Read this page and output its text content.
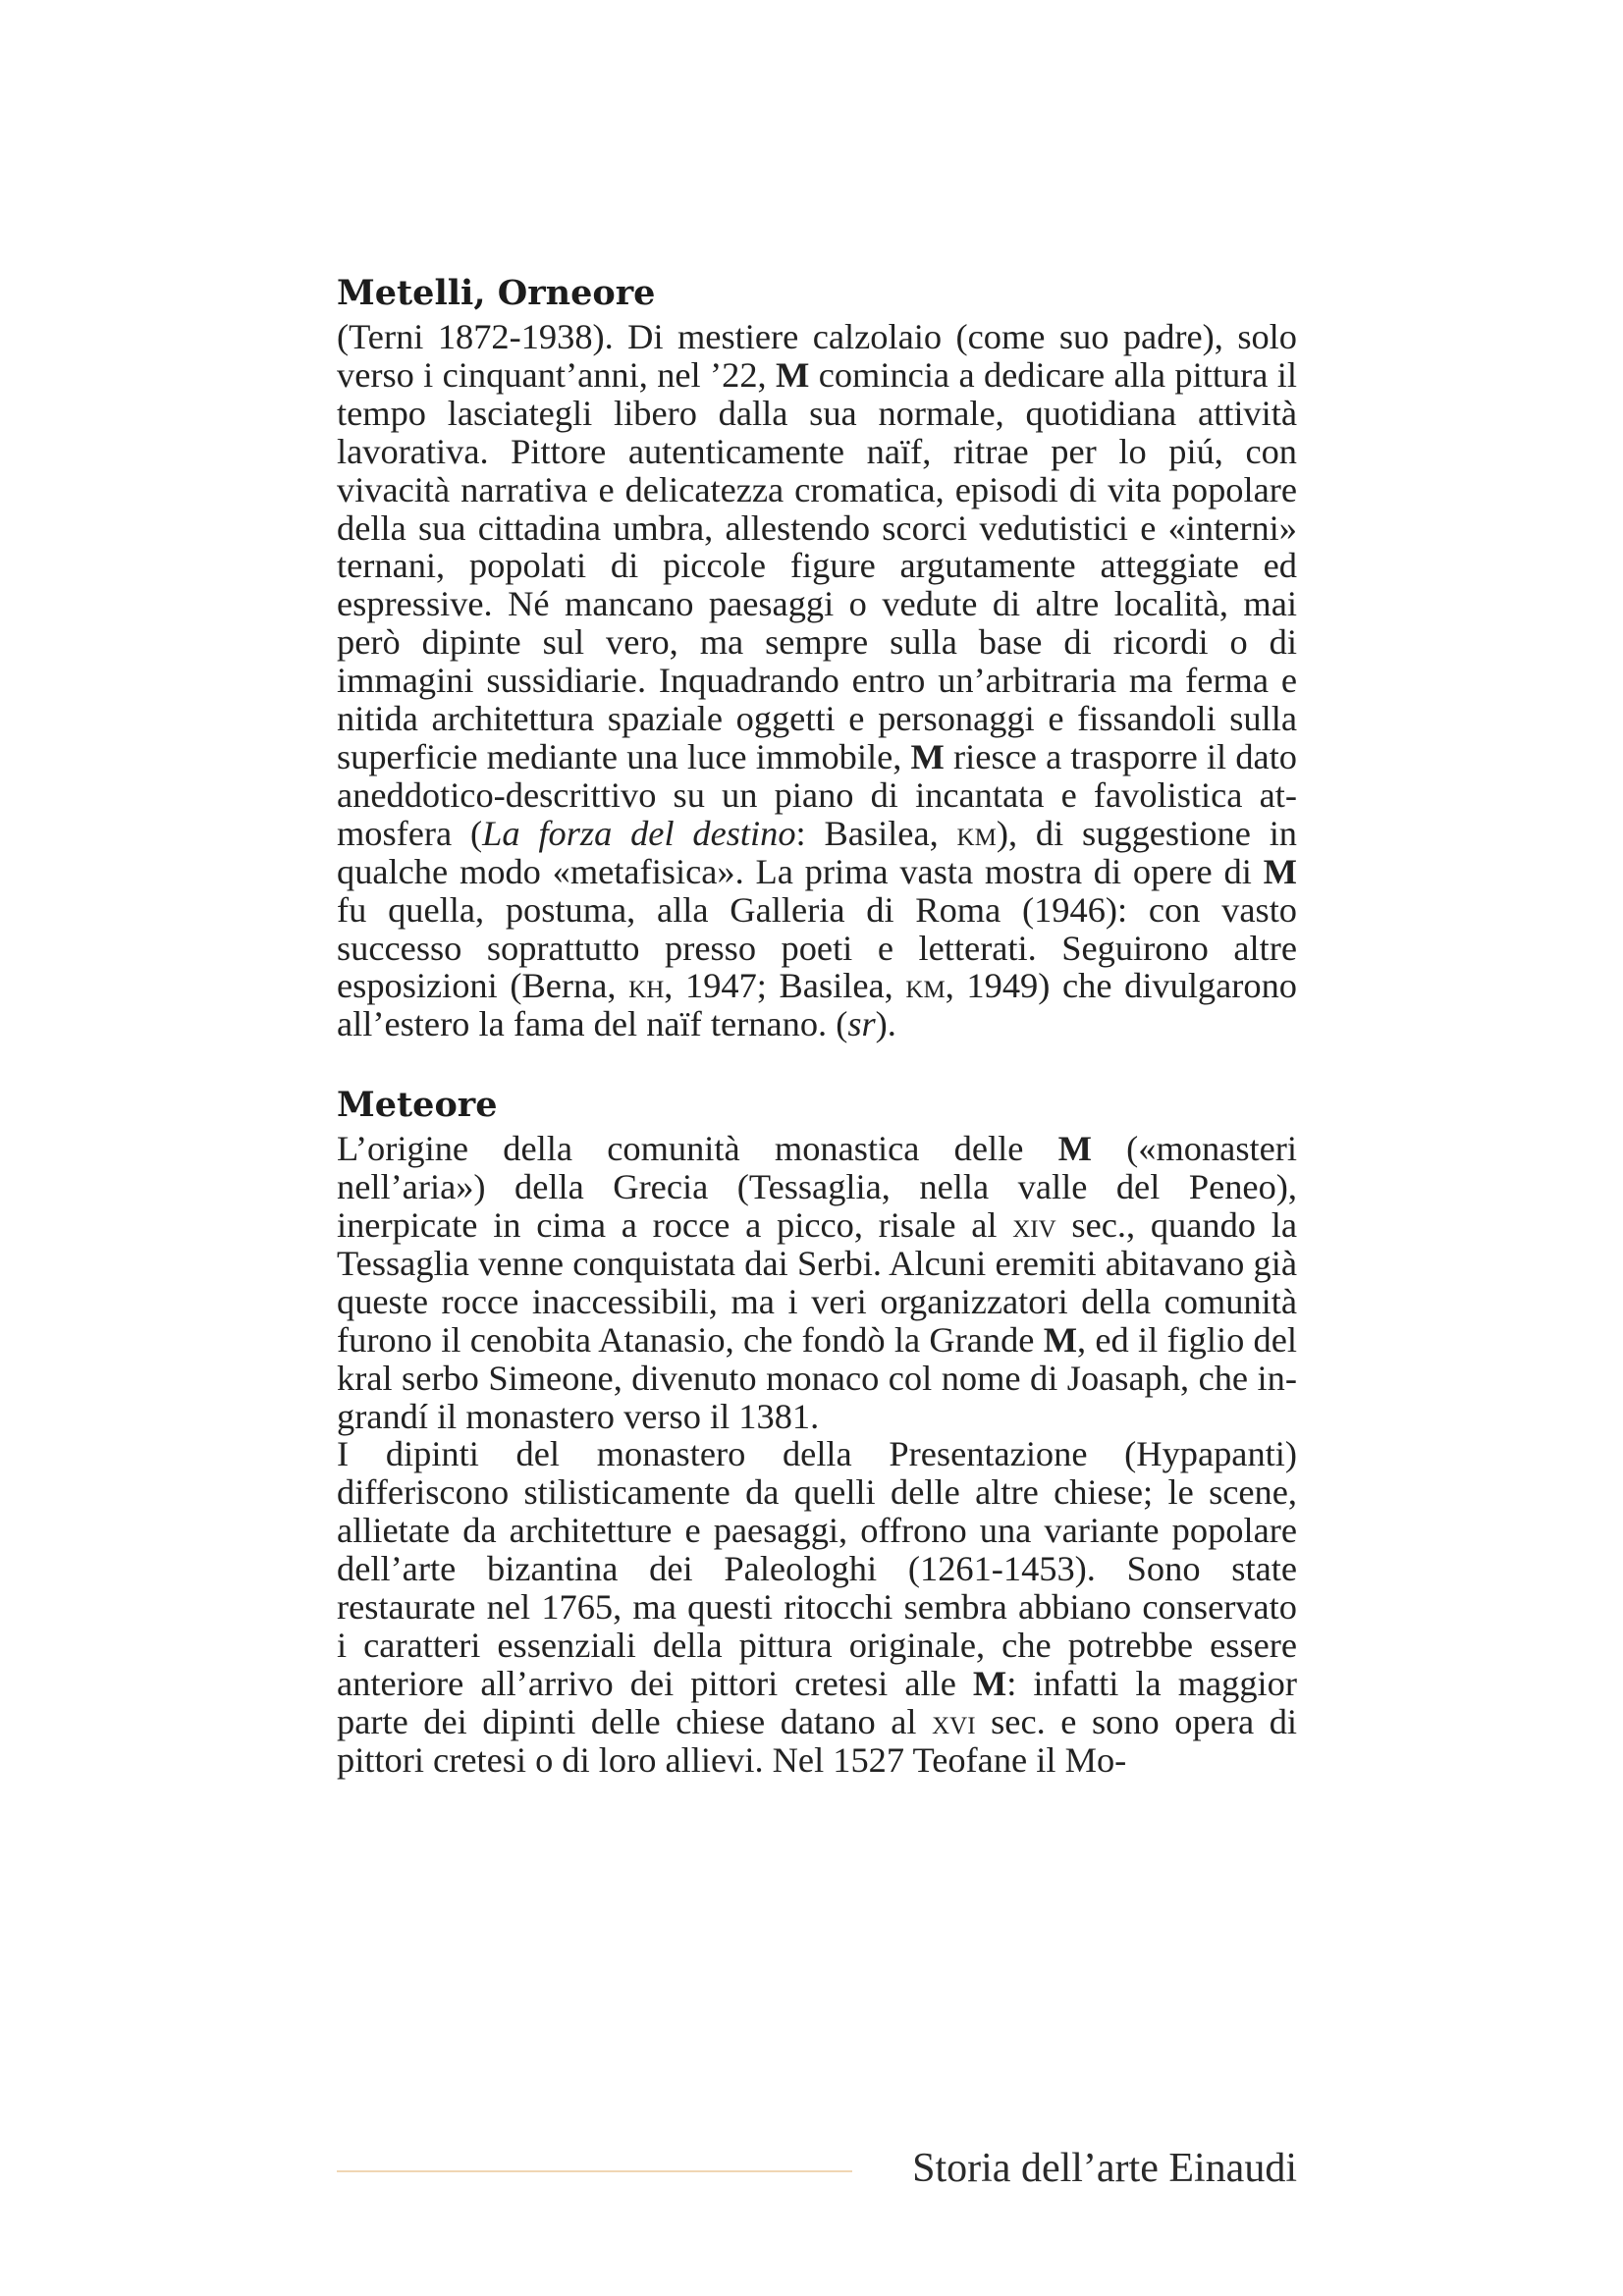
Metelli, Orneore

(Terni 1872-1938). Di mestiere calzolaio (come suo padre), solo verso i cinquant’anni, nel ’22, M comincia a dedicare alla pittura il tempo lasciategli libero dalla sua normale, quotidiana attività lavorativa. Pittore autenticamente naïf, ritrae per lo piú, con vivacità narrativa e delicatezza cromatica, episodi di vita popolare della sua cittadina umbra, allestendo scorci vedutistici e «interni» ternani, popolati di piccole figure argutamente atteggiate ed espressive. Né mancano paesaggi o vedute di altre località, mai però dipinte sul vero, ma sempre sulla base di ricordi o di immagini sussidiarie. Inquadrando entro un’arbitraria ma ferma e nitida architettura spaziale oggetti e personaggi e fissandoli sulla superficie mediante una luce immobile, M riesce a trasporre il dato aneddotico-descrittivo su un piano di incantata e favolistica atmosfera (La forza del destino: Basilea, km), di suggestione in qualche modo «metafisica». La prima vasta mostra di opere di M fu quella, postuma, alla Galleria di Roma (1946): con vasto successo soprattutto presso poeti e letterati. Seguirono altre esposizioni (Berna, kh, 1947; Basilea, km, 1949) che divulgarono all’estero la fama del naïf ternano. (sr).

Meteore

L’origine della comunità monastica delle M («monasteri nell’aria») della Grecia (Tessaglia, nella valle del Peneo), inerpicate in cima a rocce a picco, risale al xiv sec., quando la Tessaglia venne conquistata dai Serbi. Alcuni eremiti abitavano già queste rocce inaccessibili, ma i veri organizzatori della comunità furono il cenobita Atanasio, che fondò la Grande M, ed il figlio del kral serbo Simeone, divenuto monaco col nome di Joasaph, che ingrandí il monastero verso il 1381.

I dipinti del monastero della Presentazione (Hypapanti) differiscono stilisticamente da quelli delle altre chiese; le scene, allietate da architetture e paesaggi, offrono una variante popolare dell’arte bizantina dei Paleologhi (1261-1453). Sono state restaurate nel 1765, ma questi ritocchi sembra abbiano conservato i caratteri essenziali della pittura originale, che potrebbe essere anteriore all’arrivo dei pittori cretesi alle M: infatti la maggior parte dei dipinti delle chiese datano al xvi sec. e sono opera di pittori cretesi o di loro allievi. Nel 1527 Teofane il Mo-

Storia dell’arte Einaudi
